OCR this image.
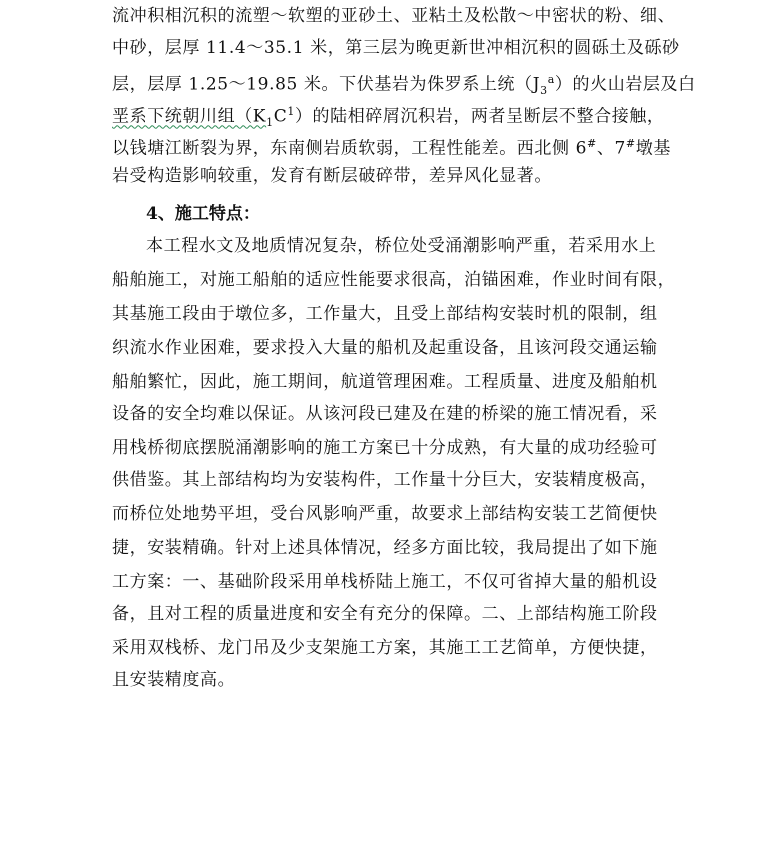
流冲积相沉积的流塑～软塑的亚砂土、亚粘土及松散～中密状的粉、细、
中砂，层厚 11.4～35.1 米，第三层为晚更新世冲相沉积的圆砾土及砾砂
层，层厚 1.25～19.85 米。下伏基岩为侏罗系上统$(J_3^a)$的火山岩层及白
垩系下统朝川组$(K_1C^1)$的陆相碎屑沉积岩，两者呈断层不整合接触，
以钱塘江断裂为界，东南侧岩质软弱，工程性能差。西北侧 6#、7#墩基
岩受构造影响较重，发育有断层破碎带，差异风化显著。
4、施工特点：
本工程水文及地质情况复杂，桥位处受涌潮影响严重，若采用水上
船舶施工，对施工船舶的适应性能要求很高，泊锚困难，作业时间有限，
其基施工段由于墩位多，工作量大，且受上部结构安装时机的限制，组
织流水作业困难，要求投入大量的船机及起重设备，且该河段交通运输
船舶繁忙，因此，施工期间，航道管理困难。工程质量、进度及船舶机
设备的安全均难以保证。从该河段已建及在建的桥梁的施工情况看，采
用栈桥彻底摆脱涌潮影响的施工方案已十分成熟，有大量的成功经验可
供借鉴。其上部结构均为安装构件，工作量十分巨大，安装精度极高，
而桥位处地势平坦，受台风影响严重，故要求上部结构安装工艺简便快
捷，安装精确。针对上述具体情况，经多方面比较，我局提出了如下施
工方案：一、基础阶段采用单栈桥陆上施工，不仅可省掉大量的船机设
备，且对工程的质量进度和安全有充分的保障。二、上部结构施工阶段
采用双栈桥、龙门吊及少支架施工方案，其施工工艺简单，方便快捷，
且安装精度高。
